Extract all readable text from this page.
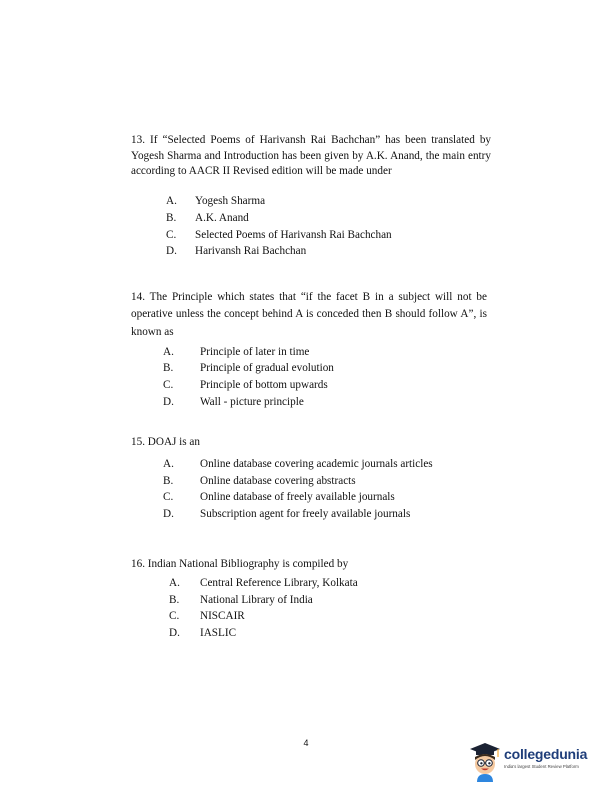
13. If “Selected Poems of Harivansh Rai Bachchan” has been translated by Yogesh Sharma and Introduction has been given by A.K. Anand, the main entry according to AACR II Revised edition will be made under

A. Yogesh Sharma
B. A.K. Anand
C. Selected Poems of Harivansh Rai Bachchan
D. Harivansh Rai Bachchan

14. The Principle which states that “if the facet B in a subject will not be operative unless the concept behind A is conceded then B should follow A”, is known as

A. Principle of later in time
B. Principle of gradual evolution
C. Principle of bottom upwards
D. Wall - picture principle

15. DOAJ is an

A. Online database covering academic journals articles
B. Online database covering abstracts
C. Online database of freely available journals
D. Subscription agent for freely available journals

16. Indian National Bibliography is compiled by

A. Central Reference Library, Kolkata
B. National Library of India
C. NISCAIR
D. IASLIC
4
collegedunia
India's largest Student Review Platform
